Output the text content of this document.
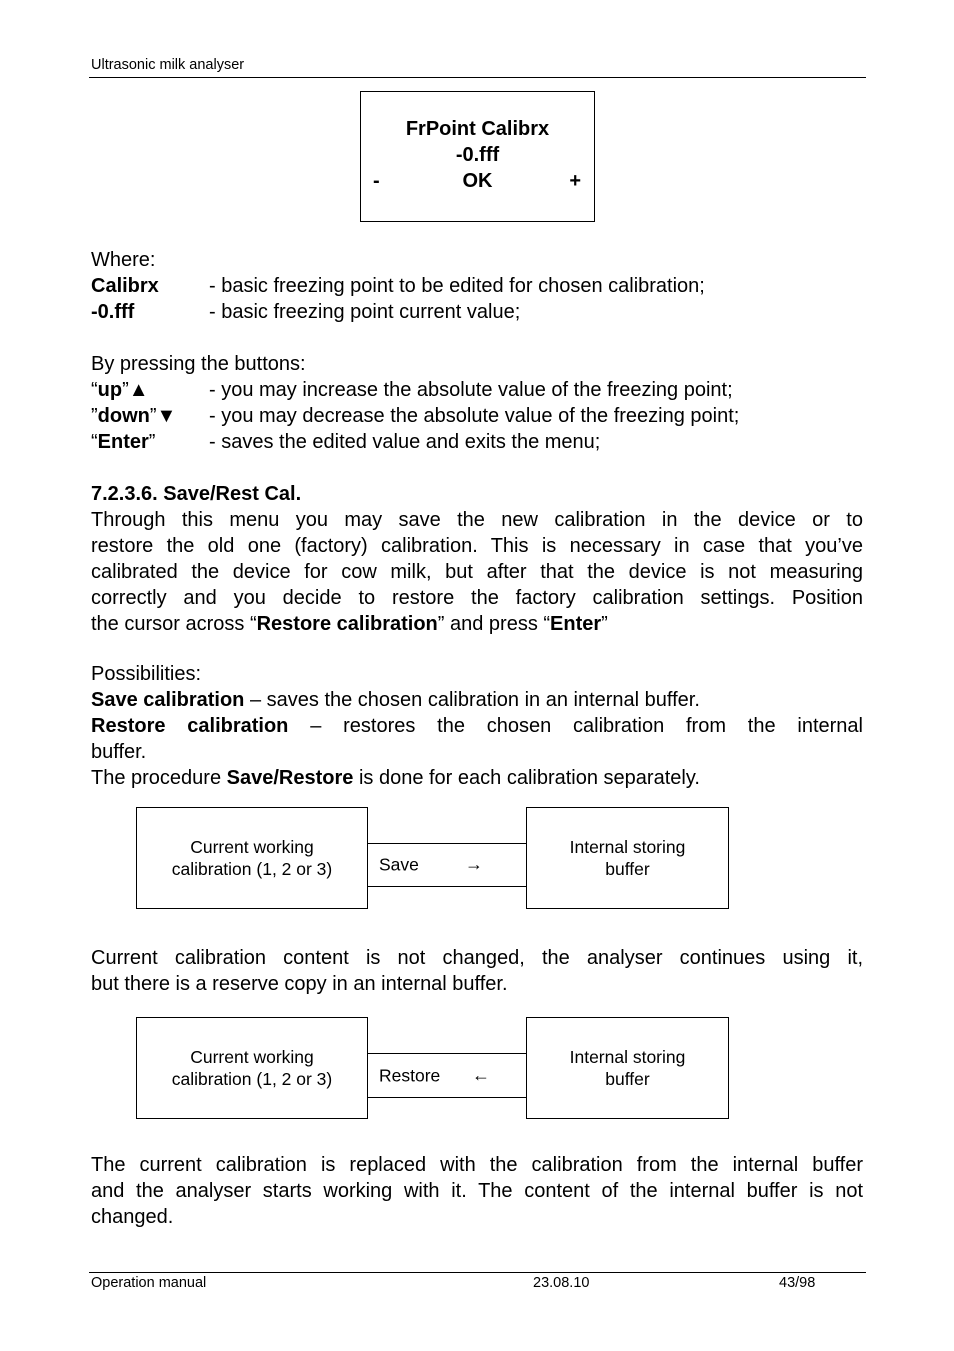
Ultrasonic milk analyser
FrPoint Calibrx
-0.fff
-	OK	+
Where:
Calibrx	- basic freezing point to be edited for chosen calibration;
-0.fff	- basic freezing point current value;
By pressing the buttons:
“up”▲	- you may increase the absolute value of the freezing point;
”down”▼ - you may decrease the absolute value of the freezing point;
“Enter”	- saves the edited value and exits the menu;
7.2.3.6. Save/Rest Cal.
Through this menu you may save the new calibration in the device or to
restore the old one (factory) calibration. This is necessary in case that you’ve
calibrated the device for cow milk, but after that the device is not measuring
correctly and you decide to restore the factory calibration settings. Position
the cursor across “Restore calibration” and press “Enter”
Possibilities:
Save calibration – saves the chosen calibration in an internal buffer.
Restore calibration – restores the chosen calibration from the internal
buffer.
The procedure Save/Restore is done for each calibration separately.
Current working
calibration (1, 2 or 3)	Save	→
Internal storing
buffer
Current calibration content is not changed, the analyser continues using it,
but there is a reserve copy in an internal buffer.
Current working
calibration (1, 2 or 3)	Restore ←
Internal storing
buffer
The current calibration is replaced with the calibration from the internal buffer
and the analyser starts working with it. The content of the internal buffer is not
changed.
Operation manual	23.08.10	43/98
